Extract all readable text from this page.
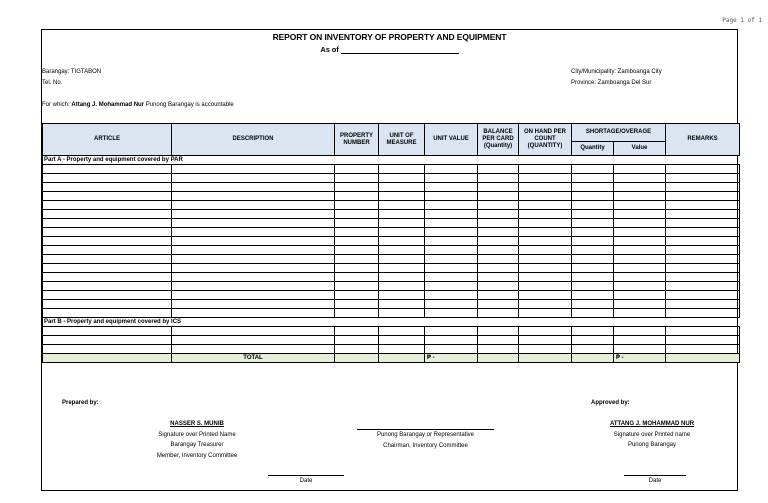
Page 1 of 1
REPORT ON INVENTORY OF PROPERTY AND EQUIPMENT
As of
Barangay: TIGTABON
Tel. No.
City/Municipality: Zamboanga City
Province: Zamboanga Del Sur
For which: Attang J. Mohammad Nur Punong Barangay is accountable
ARTICLE	DESCRIPTION	PROPERTY NUMBER	UNIT OF MEASURE	UNIT VALUE	BALANCE PER CARD (Quantity)	ON HAND PER COUNT (QUANTITY)	SHORTAGE/OVERAGE		REMARKS
							Quantity	Value	
Part A - Property and equipment covered by PAR									

Part B - Property and equipment covered by ICS									

	TOTAL			₱ -				₱ -	
Prepared by:
NASSER S. MUNIB
Signature over Printed Name
Barangay Treasurer
Member, Inventory Committee
Punong Barangay or Representative
Chairman, Inventory Committee
Date
Approved by:
ATTANG J. MOHAMMAD NUR
Signature over Printed name
Punong Barangay
Date
